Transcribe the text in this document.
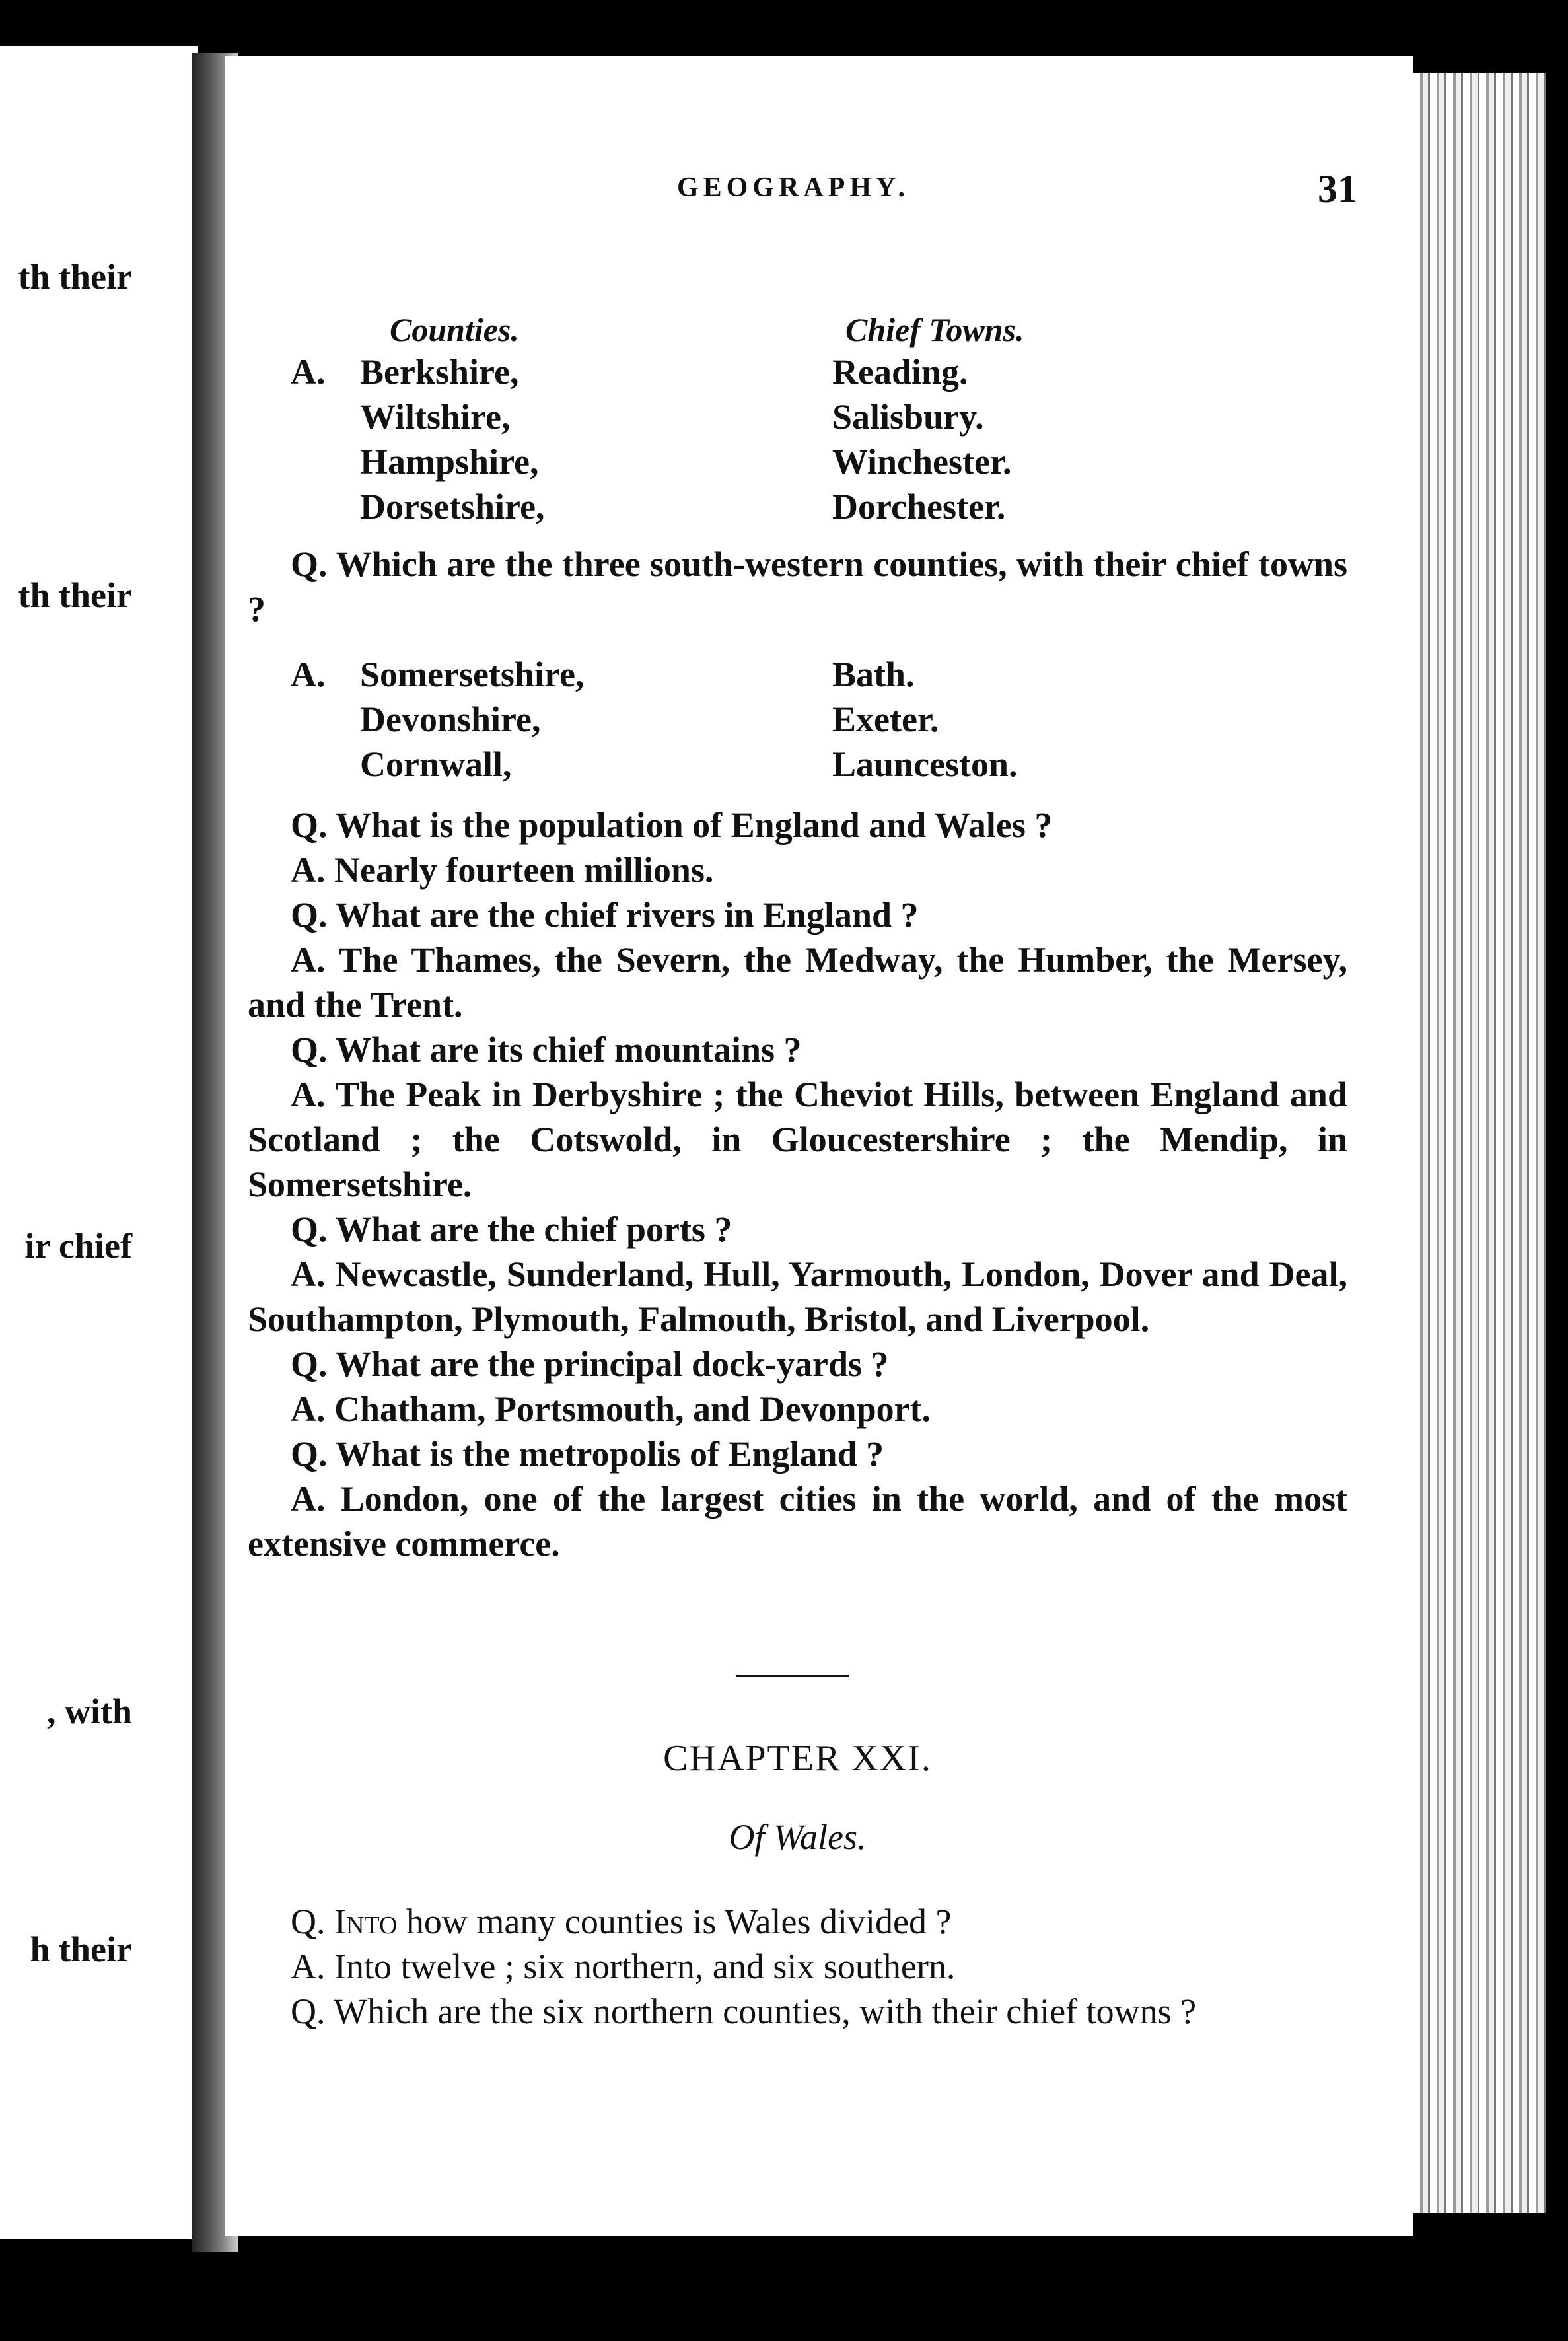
th their
th their
ir chief
, with
h their
GEOGRAPHY.	31
Counties.	Chief Towns.
A. Berkshire,	Reading.
Wiltshire,	Salisbury.
Hampshire,	Winchester.
Dorsetshire,	Dorchester.

Q. Which are the three south-western counties, with their chief towns ?

A. Somersetshire,	Bath.
Devonshire,	Exeter.
Cornwall,	Launceston.

Q. What is the population of England and Wales ?

A. Nearly fourteen millions.

Q. What are the chief rivers in England ?

A. The Thames, the Severn, the Medway, the Humber, the Mersey, and the Trent.

Q. What are its chief mountains ?

A. The Peak in Derbyshire ; the Cheviot Hills, between England and Scotland ; the Cotswold, in Gloucestershire ; the Mendip, in Somersetshire.

Q. What are the chief ports ?

A. Newcastle, Sunderland, Hull, Yarmouth, London, Dover and Deal, Southampton, Plymouth, Falmouth, Bristol, and Liverpool.

Q. What are the principal dock-yards ?

A. Chatham, Portsmouth, and Devonport.

Q. What is the metropolis of England ?

A. London, one of the largest cities in the world, and of the most extensive commerce.

CHAPTER XXI.
Of Wales.

Q. Into how many counties is Wales divided ?

A. Into twelve ; six northern, and six southern.

Q. Which are the six northern counties, with their chief towns ?
